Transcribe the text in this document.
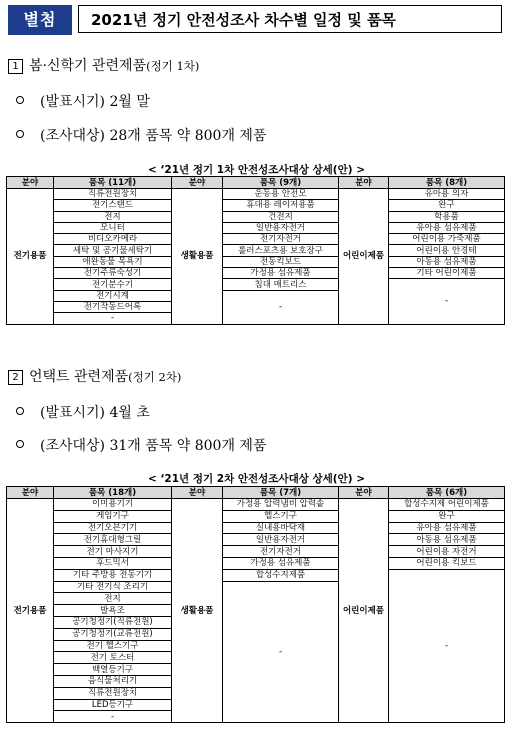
별첨	2021년 정기 안전성조사 차수별 일정 및 품목
1 봄·신학기 관련제품(정기 1차)
(발표시기) 2월 말
(조사대상) 28개 품목 약 800개 제품
< ‘21년 정기 1차 안전성조사대상 상세(안) >
분야	품목 (11개)	분야	품목 (9개)	분야	품목 (8개)
전기용품	직류전원장치	생활용품	운동용 안전모	어린이제품	유아용 의자
	전기스탠드		휴대용 레이저용품		완구
	전지		건전지		학용품
	모니터		일반용자전거		유아용 섬유제품
	비디오카메라		전기자전거		어린이용 가죽제품
	세탁 및 공기물세탁기		롤러스포츠용 보호장구		어린이용 안경테
	애완동물 목욕기		전동킥보드		아동용 섬유제품
	전기주류숙성기		가정용 섬유제품		기타 어린이제품
	전기분수기		침대 매트리스		-
	전기시계		-		
	전기작동드어록				
	-				
2 언택트 관련제품(정기 2차)
(발표시기) 4월 초
(조사대상) 31개 품목 약 800개 제품
< ‘21년 정기 2차 안전성조사대상 상세(안) >
분야	품목 (18개)	분야	품목 (7개)	분야	품목 (6개)
전기용품	이미용기기	생활용품	가정용 압력냄비 압력솥	어린이제품	합성수지제 어린이제품
	게임기구		헬스기구		완구
	전기오븐기기		실내용바닥재		유아용 섬유제품
	전기휴대형그릴		일반용자전거		아동용 섬유제품
	전기 마사지기		전기자전거		어린이용 자전거
	후드믹서		가정용 섬유제품		어린이용 킥보드
	기타 주방용 전동기기		합성수지제품		-
	기타 전기식 조리기		-		
	전지				
	발욕조				
	공기청정기(직류전원)				
	공기청정기(교류전원)				
	전기 헬스기구				
	전기 토스터				
	백열등기구				
	음식물처리기				
	직류전원장치				
	LED등기구				
	-				
